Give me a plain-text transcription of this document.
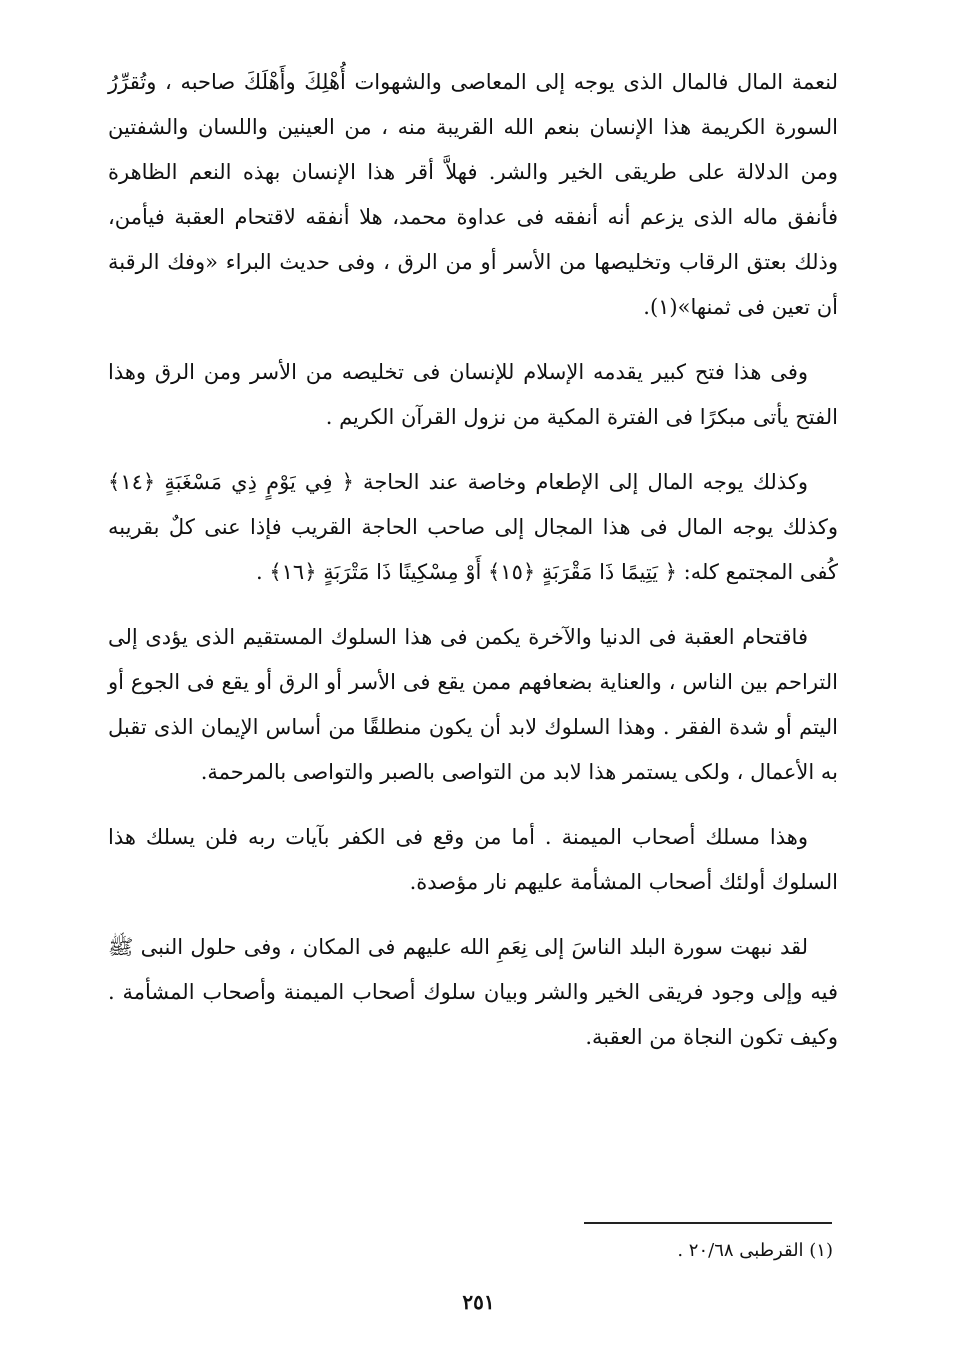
لنعمة المال فالمال الذى يوجه إلى المعاصى والشهوات أُهْلِكَ وأَهْلَكَ صاحبه ، وتُقرِّرُ السورة الكريمة هذا الإنسان بنعم الله القريبة منه ، من العينين واللسان والشفتين ومن الدلالة على طريقى الخير والشر. فهلاَّ أقر هذا الإنسان بهذه النعم الظاهرة فأنفق ماله الذى يزعم أنه أنفقه فى عداوة محمد، هلا أنفقه لاقتحام العقبة فيأمن، وذلك بعتق الرقاب وتخليصها من الأسر أو من الرق ، وفى حديث البراء «وفك الرقبة أن تعين فى ثمنها»(١).

وفى هذا فتح كبير يقدمه الإسلام للإنسان فى تخليصه من الأسر ومن الرق وهذا الفتح يأتى مبكرًا فى الفترة المكية من نزول القرآن الكريم .

وكذلك يوجه المال إلى الإطعام وخاصة عند الحاجة ﴿ فِي يَوْمٍ ذِي مَسْغَبَةٍ ﴿١٤﴾ وكذلك يوجه المال فى هذا المجال إلى صاحب الحاجة القريب فإذا عنى كلٌ بقريبه كُفى المجتمع كله: ﴿ يَتِيمًا ذَا مَقْرَبَةٍ ﴿١٥﴾ أَوْ مِسْكِينًا ذَا مَتْرَبَةٍ ﴿١٦﴾ .

فاقتحام العقبة فى الدنيا والآخرة يكمن فى هذا السلوك المستقيم الذى يؤدى إلى التراحم بين الناس ، والعناية بضعافهم ممن يقع فى الأسر أو الرق أو يقع فى الجوع أو اليتم أو شدة الفقر . وهذا السلوك لابد أن يكون منطلقًا من أساس الإيمان الذى تقبل به الأعمال ، ولكى يستمر هذا لابد من التواصى بالصبر والتواصى بالمرحمة.

وهذا مسلك أصحاب الميمنة . أما من وقع فى الكفر بآيات ربه فلن يسلك هذا السلوك أولئك أصحاب المشأمة عليهم نار مؤصدة.

لقد نبهت سورة البلد الناسَ إلى نِعَمِ الله عليهم فى المكان ، وفى حلول النبى ﷺ فيه وإلى وجود فريقى الخير والشر وبيان سلوك أصحاب الميمنة وأصحاب المشأمة . وكيف تكون النجاة من العقبة.

(١) القرطبى ٢٠/٦٨ .
٢٥١
